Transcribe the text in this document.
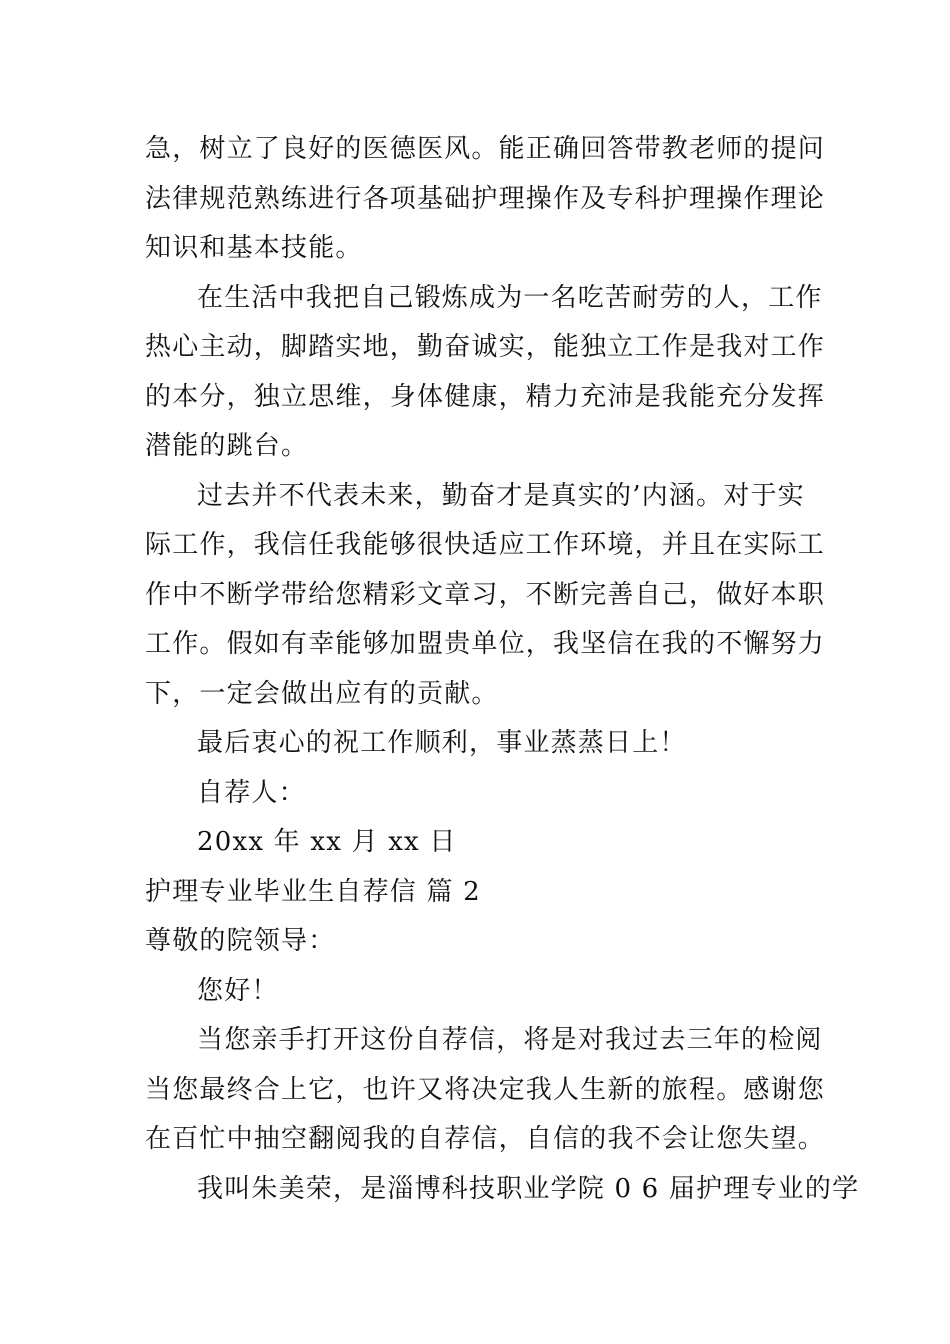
急，树立了良好的医德医风。能正确回答带教老师的提问
法律规范熟练进行各项基础护理操作及专科护理操作理论
知识和基本技能。
在生活中我把自己锻炼成为一名吃苦耐劳的人，工作
热心主动，脚踏实地，勤奋诚实，能独立工作是我对工作
的本分，独立思维，身体健康，精力充沛是我能充分发挥
潜能的跳台。
过去并不代表未来，勤奋才是真实的’内涵。对于实
际工作，我信任我能够很快适应工作环境，并且在实际工
作中不断学带给您精彩文章习，不断完善自己，做好本职
工作。假如有幸能够加盟贵单位，我坚信在我的不懈努力
下，一定会做出应有的贡献。
最后衷心的祝工作顺利，事业蒸蒸日上！
自荐人：
20xx 年 xx 月 xx 日
护理专业毕业生自荐信 篇 2
尊敬的院领导：
您好！
当您亲手打开这份自荐信，将是对我过去三年的检阅
当您最终合上它，也许又将决定我人生新的旅程。感谢您
在百忙中抽空翻阅我的自荐信，自信的我不会让您失望。
我叫朱美荣，是淄博科技职业学院 0 6 届护理专业的学
